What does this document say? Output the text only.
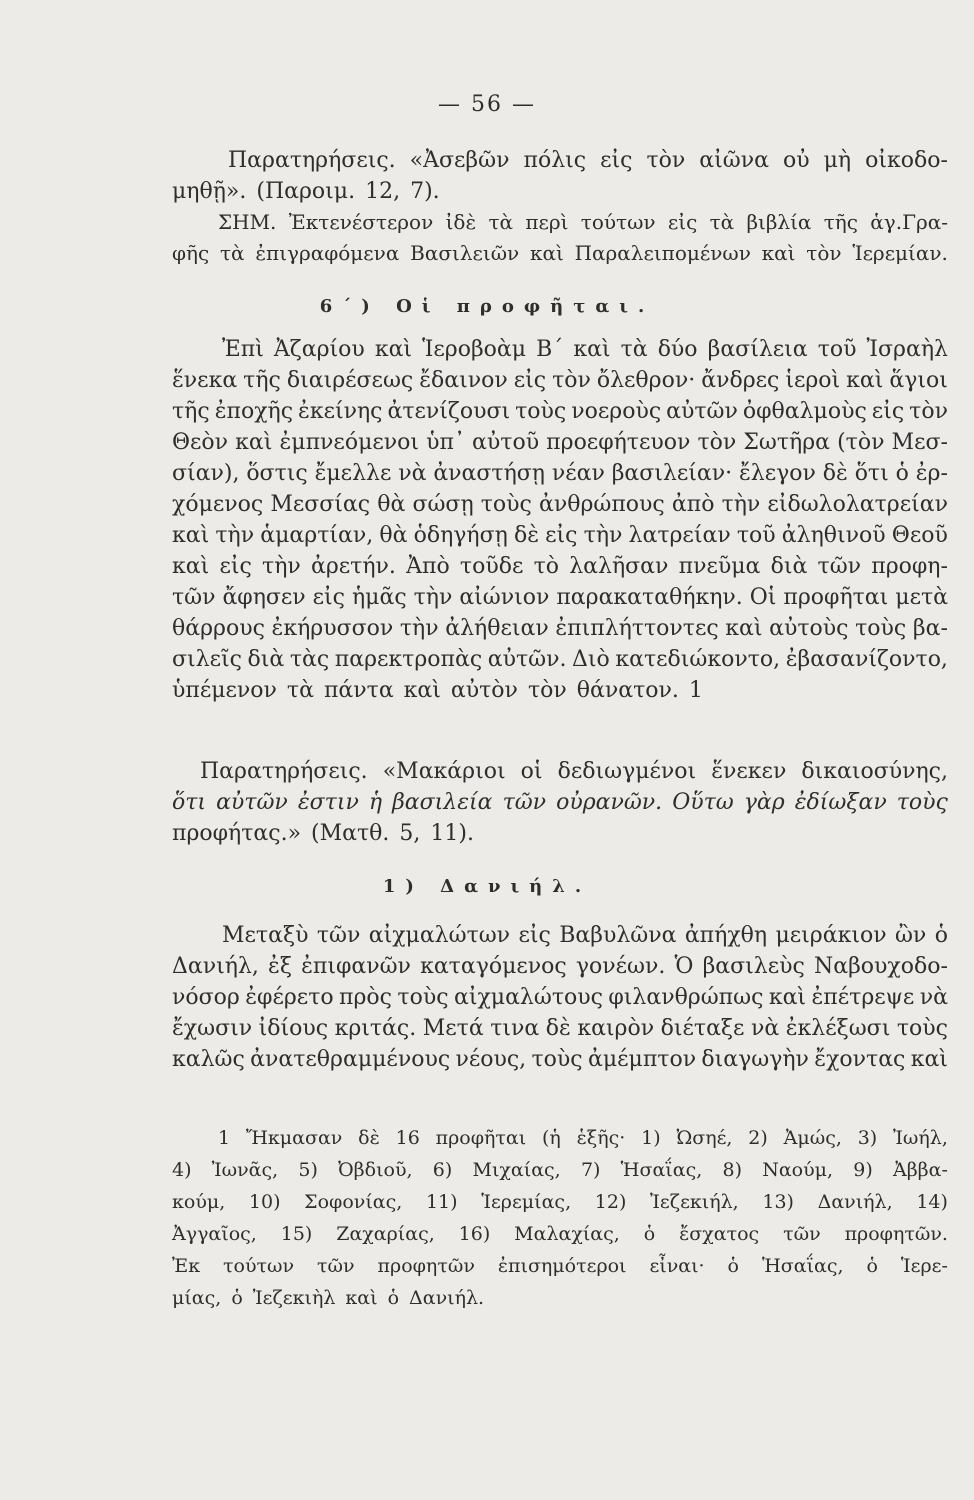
— 56 —
Παρατηρήσεις. «Ἀσεβῶν πόλις εἰς τὸν αἰῶνα οὐ μὴ οἰκοδο-
μηθῇ». (Παροιμ. 12, 7).
ΣΗΜ. Ἐκτενέστερον ἰδὲ τὰ περὶ τούτων εἰς τὰ βιβλία τῆς ἁγ.Γρα-
φῆς τὰ ἐπιγραφόμενα Βασιλειῶν καὶ Παραλειπομένων καὶ τὸν Ἱερεμίαν.
6΄) Οἱ προφῆται.
Ἐπὶ Ἀζαρίου καὶ Ἱεροβοὰμ Β΄ καὶ τὰ δύο βασίλεια τοῦ Ἰσραὴλ
ἕνεκα τῆς διαιρέσεως ἔδαινον εἰς τὸν ὄλεθρον· ἄνδρες ἱεροὶ καὶ ἅγιοι
τῆς ἐποχῆς ἐκείνης ἀτενίζουσι τοὺς νοεροὺς αὐτῶν ὀφθαλμοὺς εἰς τὸν
Θεὸν καὶ ἐμπνεόμενοι ὑπ᾽ αὐτοῦ προεφήτευον τὸν Σωτῆρα (τὸν Μεσ-
σίαν), ὅστις ἔμελλε νὰ ἀναστήσῃ νέαν βασιλείαν· ἔλεγον δὲ ὅτι ὁ ἐρ-
χόμενος Μεσσίας θὰ σώσῃ τοὺς ἀνθρώπους ἀπὸ τὴν εἰδωλολατρείαν
καὶ τὴν ἁμαρτίαν, θὰ ὁδηγήσῃ δὲ εἰς τὴν λατρείαν τοῦ ἀληθινοῦ Θεοῦ
καὶ εἰς τὴν ἀρετήν. Ἀπὸ τοῦδε τὸ λαλῆσαν πνεῦμα διὰ τῶν προφη-
τῶν ἄφησεν εἰς ἡμᾶς τὴν αἰώνιον παρακαταθήκην. Οἱ προφῆται μετὰ
θάρρους ἐκήρυσσον τὴν ἀλήθειαν ἐπιπλήττοντες καὶ αὐτοὺς τοὺς βα-
σιλεῖς διὰ τὰς παρεκτροπὰς αὐτῶν. Διὸ κατεδιώκοντο, ἐβασανίζοντο,
ὑπέμενον τὰ πάντα καὶ αὐτὸν τὸν θάνατον. 1
Παρατηρήσεις. «Μακάριοι οἱ δεδιωγμένοι ἕνεκεν δικαιοσύνης,
ὅτι αὐτῶν ἐστιν ἡ βασιλεία τῶν οὐρανῶν. Οὕτω γὰρ ἐδίωξαν τοὺς
προφήτας.» (Ματθ. 5, 11).
1) Δανιήλ.
Μεταξὺ τῶν αἰχμαλώτων εἰς Βαβυλῶνα ἀπήχθη μειράκιον ὢν ὁ
Δανιήλ, ἐξ ἐπιφανῶν καταγόμενος γονέων. Ὁ βασιλεὺς Ναβουχοδο-
νόσορ ἐφέρετο πρὸς τοὺς αἰχμαλώτους φιλανθρώπως καὶ ἐπέτρεψε νὰ
ἔχωσιν ἰδίους κριτάς. Μετά τινα δὲ καιρὸν διέταξε νὰ ἐκλέξωσι τοὺς
καλῶς ἀνατεθραμμένους νέους, τοὺς ἀμέμπτον διαγωγὴν ἔχοντας καὶ
1 Ἤκμασαν δὲ 16 προφῆται (ἡ ἑξῆς· 1) Ὠσηέ, 2) Ἀμώς, 3) Ἰωήλ,
4) Ἰωνᾶς, 5) Ὀβδιοῦ, 6) Μιχαίας, 7) Ἡσαΐας, 8) Ναούμ, 9) Ἀββα-
κούμ, 10) Σοφονίας, 11) Ἱερεμίας, 12) Ἰεζεκιήλ, 13) Δανιήλ, 14)
Ἀγγαῖος, 15) Ζαχαρίας, 16) Μαλαχίας, ὁ ἔσχατος τῶν προφητῶν.
Ἐκ τούτων τῶν προφητῶν ἐπισημότεροι εἶναι· ὁ Ἡσαΐας, ὁ Ἱερε-
μίας, ὁ Ἰεζεκιὴλ καὶ ὁ Δανιήλ.
